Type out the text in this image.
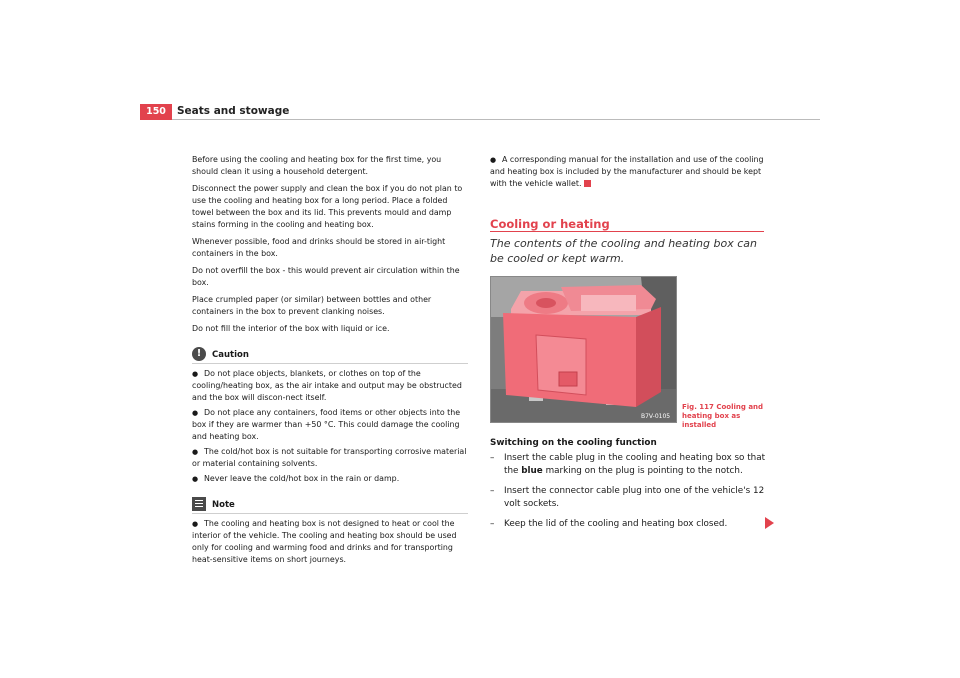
150	Seats and stowage

Before using the cooling and heating box for the first time, you should clean it using a household detergent.

Disconnect the power supply and clean the box if you do not plan to use the cooling and heating box for a long period. Place a folded towel between the box and its lid. This prevents mould and damp stains forming in the cooling and heating box.

Whenever possible, food and drinks should be stored in air-tight containers in the box.

Do not overfill the box - this would prevent air circulation within the box.

Place crumpled paper (or similar) between bottles and other containers in the box to prevent clanking noises.

Do not fill the interior of the box with liquid or ice.

!	Caution
● Do not place objects, blankets, or clothes on top of the cooling/heating box, as the air intake and output may be obstructed and the box will discon-nect itself.
● Do not place any containers, food items or other objects into the box if they are warmer than +50 °C. This could damage the cooling and heating box.
● The cold/hot box is not suitable for transporting corrosive material or material containing solvents.
● Never leave the cold/hot box in the rain or damp.
Note
● The cooling and heating box is not designed to heat or cool the interior of the vehicle. The cooling and heating box should be used only for cooling and warming food and drinks and for transporting heat-sensitive items on short journeys.
● A corresponding manual for the installation and use of the cooling and heating box is included by the manufacturer and should be kept with the vehicle wallet.
Cooling or heating
The contents of the cooling and heating box can be cooled or kept warm.
B7V-0105
Fig. 117 Cooling and heating box as installed
Switching on the cooling function
– Insert the cable plug in the cooling and heating box so that the blue marking on the plug is pointing to the notch.
– Insert the connector cable plug into one of the vehicle's 12 volt sockets.
– Keep the lid of the cooling and heating box closed.
